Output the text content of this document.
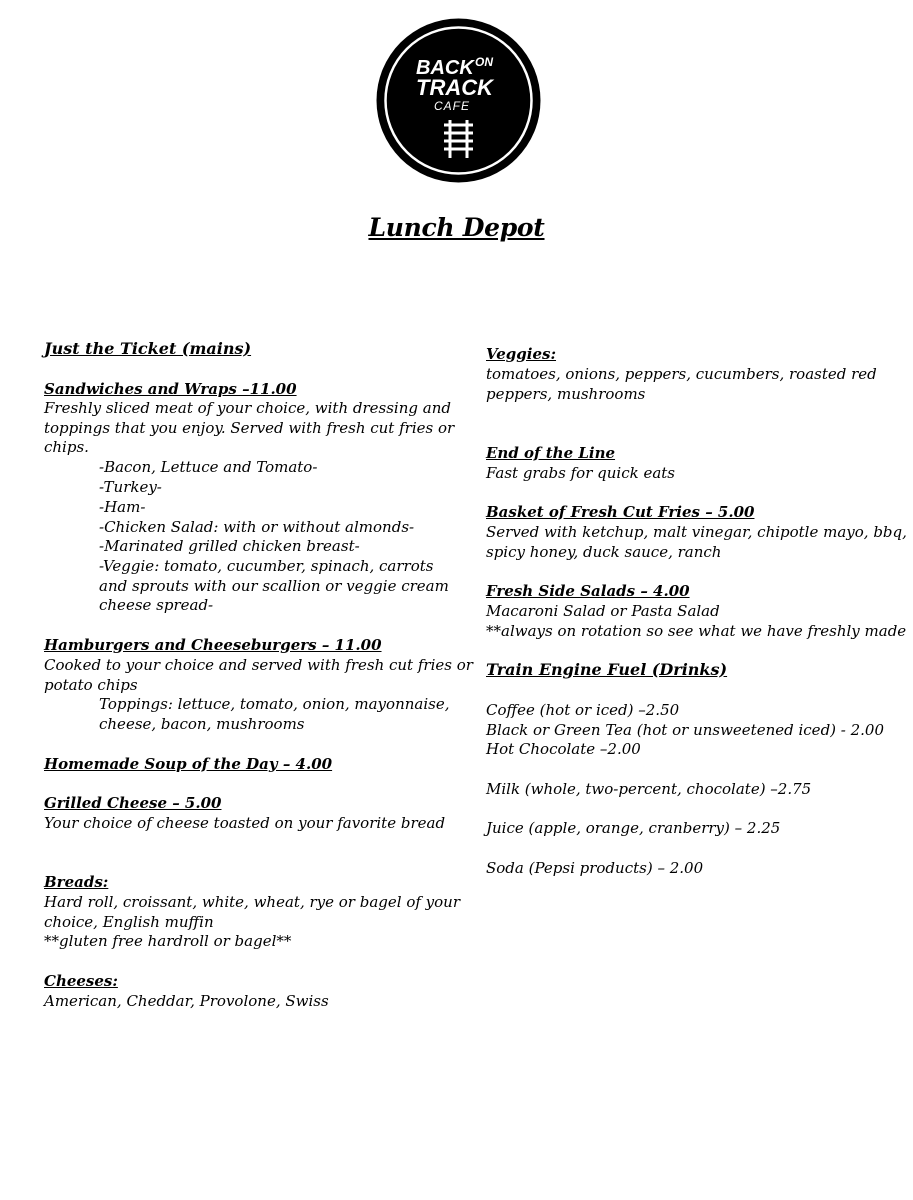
BACK ON
TRACK
CAFE
Lunch Depot
Just the Ticket (mains)
Sandwiches and Wraps –11.00
Freshly sliced meat of your choice, with dressing and
toppings that you enjoy. Served with fresh cut fries or
chips.
-Bacon, Lettuce and Tomato-
-Turkey-
-Ham-
-Chicken Salad: with or without almonds-
-Marinated grilled chicken breast-
-Veggie: tomato, cucumber, spinach, carrots
and sprouts with our scallion or veggie cream
cheese spread-
Hamburgers and Cheeseburgers – 11.00
Cooked to your choice and served with fresh cut fries or
potato chips
Toppings: lettuce, tomato, onion, mayonnaise,
cheese, bacon, mushrooms
Homemade Soup of the Day – 4.00
Grilled Cheese – 5.00
Your choice of cheese toasted on your favorite bread
Breads:
Hard roll, croissant, white, wheat, rye or bagel of your
choice, English muffin
**gluten free hardroll or bagel**
Cheeses:
American, Cheddar, Provolone, Swiss
Veggies:
tomatoes, onions, peppers, cucumbers, roasted red
peppers, mushrooms
End of the Line
Fast grabs for quick eats
Basket of Fresh Cut Fries – 5.00
Served with ketchup, malt vinegar, chipotle mayo, bbq,
spicy honey, duck sauce, ranch
Fresh Side Salads – 4.00
Macaroni Salad or Pasta Salad
**always on rotation so see what we have freshly made
Train Engine Fuel (Drinks)
Coffee (hot or iced) –2.50
Black or Green Tea (hot or unsweetened iced) - 2.00
Hot Chocolate –2.00
Milk (whole, two-percent, chocolate) –2.75
Juice (apple, orange, cranberry) – 2.25
Soda (Pepsi products) – 2.00
